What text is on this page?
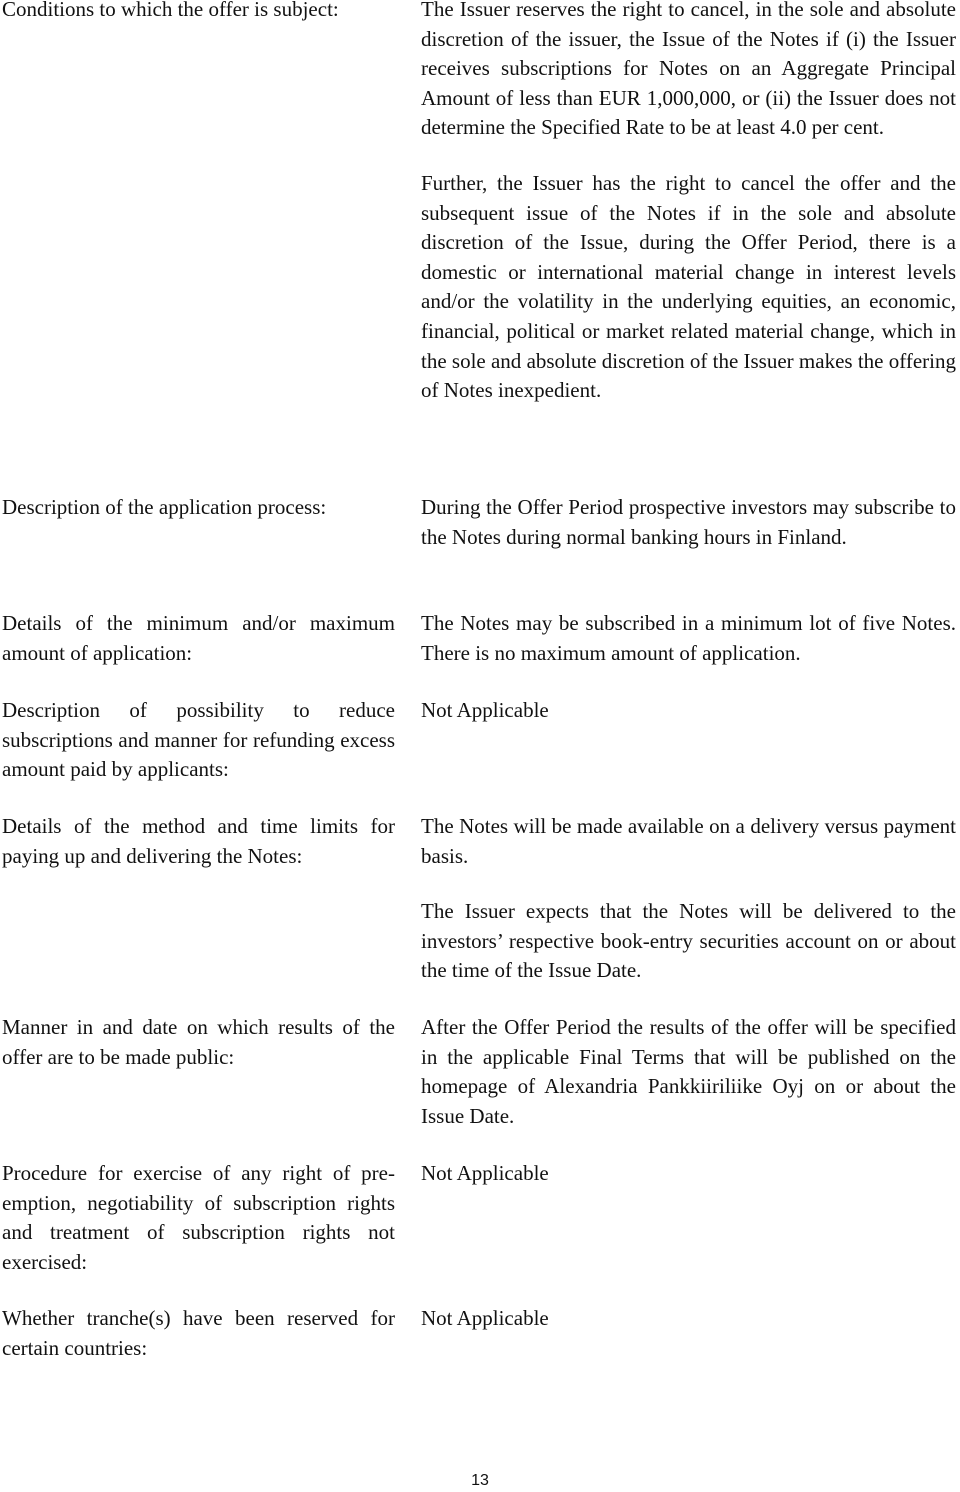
Conditions to which the offer is subject:	The Issuer reserves the right to cancel, in the sole and absolute discretion of the issuer, the Issue of the Notes if (i) the Issuer receives subscriptions for Notes on an Aggregate Principal Amount of less than EUR 1,000,000, or (ii) the Issuer does not determine the Specified Rate to be at least 4.0 per cent.

Further, the Issuer has the right to cancel the offer and the subsequent issue of the Notes if in the sole and absolute discretion of the Issue, during the Offer Period, there is a domestic or international material change in interest levels and/or the volatility in the underlying equities, an economic, financial, political or market related material change, which in the sole and absolute discretion of the Issuer makes the offering of Notes inexpedient.

Description of the application process:	During the Offer Period prospective investors may subscribe to the Notes during normal banking hours in Finland.

Details of the minimum and/or maximum amount of application:

The Notes may be subscribed in a minimum lot of five Notes. There is no maximum amount of application.

Description of possibility to reduce subscriptions and manner for refunding excess amount paid by applicants:

Not Applicable

Details of the method and time limits for paying up and delivering the Notes:

The Notes will be made available on a delivery versus payment basis.

The Issuer expects that the Notes will be delivered to the investors’ respective book-entry securities account on or about the time of the Issue Date.

Manner in and date on which results of the offer are to be made public:

After the Offer Period the results of the offer will be specified in the applicable Final Terms that will be published on the homepage of Alexandria Pankkiiriliike Oyj on or about the Issue Date.

Procedure for exercise of any right of pre-emption, negotiability of subscription rights and treatment of subscription rights not exercised:

Not Applicable

Whether tranche(s) have been reserved for certain countries:

Not Applicable

13
